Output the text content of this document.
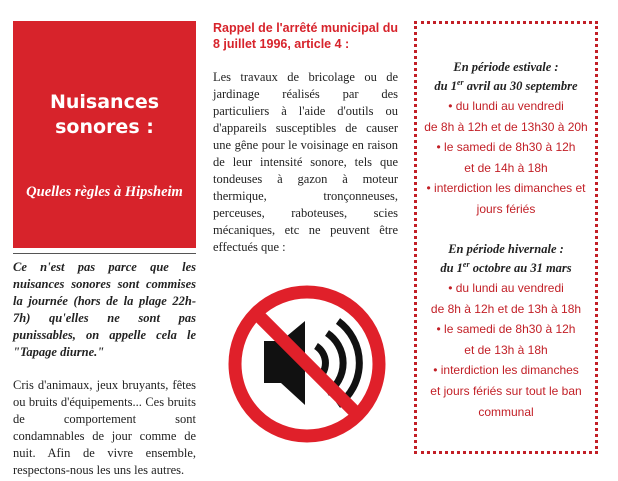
Nuisances
sonores :
Quelles règles à Hipsheim
Ce n'est pas parce que les nuisances sonores sont commises la journée (hors de la plage 22h-7h) qu'elles ne sont pas punissables, on appelle cela le "Tapage diurne."
Cris d'animaux, jeux bruyants, fêtes ou bruits d'équipements... Ces bruits de comportement sont condamnables de jour comme de nuit. Afin de vivre ensemble, respectons-nous les uns les autres.
Rappel de l'arrêté municipal du 8 juillet 1996, article 4 :
Les travaux de bricolage ou de jardinage réalisés par des particuliers à l'aide d'outils ou d'appareils susceptibles de causer une gêne pour le voisinage en raison de leur intensité sonore, tels que tondeuses à gazon à moteur thermique, tronçonneuses, perceuses, raboteuses, scies mécaniques, etc ne peuvent être effectués que :
En période estivale :
du 1er avril au 30 septembre
• du lundi au vendredi
de 8h à 12h et de 13h30 à 20h
• le samedi de 8h30 à 12h
et de 14h à 18h
• interdiction les dimanches et
jours fériés
En période hivernale :
du 1er octobre au 31 mars
• du lundi au vendredi
de 8h à 12h et de 13h à 18h
• le samedi de 8h30 à 12h
et de 13h à 18h
• interdiction les dimanches
et jours fériés sur tout le ban
communal
